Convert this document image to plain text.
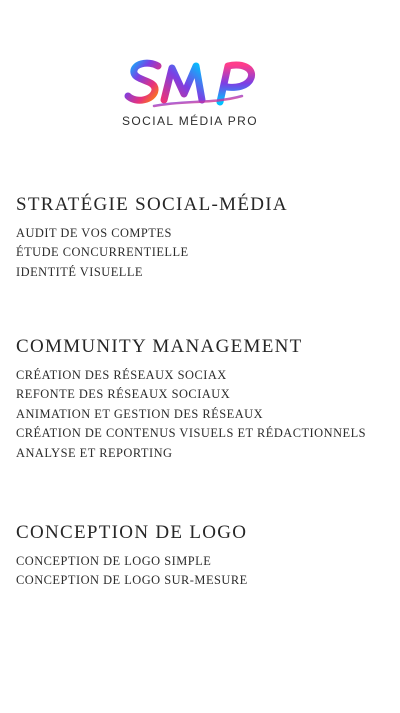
SOCIAL MÉDIA PRO
STRATÉGIE SOCIAL-MÉDIA
AUDIT DE VOS COMPTES
ÉTUDE CONCURRENTIELLE
IDENTITÉ VISUELLE
COMMUNITY MANAGEMENT
CRÉATION DES RÉSEAUX SOCIAX
REFONTE DES RÉSEAUX SOCIAUX
ANIMATION ET GESTION DES RÉSEAUX
CRÉATION DE CONTENUS VISUELS ET RÉDACTIONNELS
ANALYSE ET REPORTING
CONCEPTION DE LOGO
CONCEPTION DE LOGO SIMPLE
CONCEPTION DE LOGO SUR-MESURE
